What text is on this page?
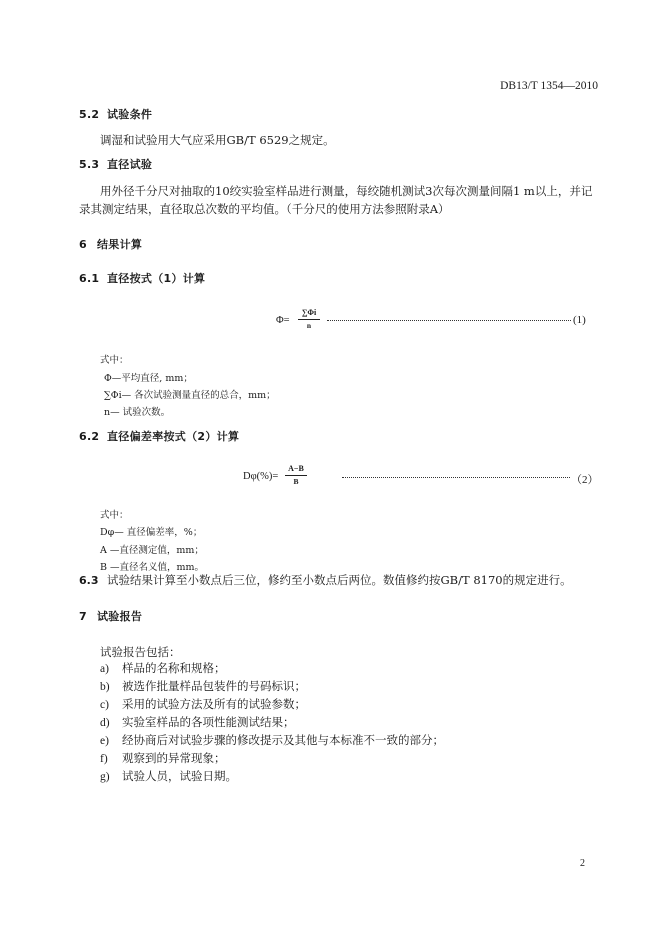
DB13/T 1354—2010
5.2 试验条件
调湿和试验用大气应采用GB/T 6529之规定。
5.3 直径试验
用外径千分尺对抽取的10绞实验室样品进行测量，每绞随机测试3次每次测量间隔1 m以上，并记
录其测定结果，直径取总次数的平均值。（千分尺的使用方法参照附录A）
6 结果计算
6.1 直径按式（1）计算
Φ=
∑Φi
n	(1)
式中：
Φ—平均直径, mm；
∑Φi— 各次试验测量直径的总合，mm；
n— 试验次数。
6.2 直径偏差率按式（2）计算
Dφ(%)=
A−B
B	（2）
式中：
Dφ— 直径偏差率，%；
A —直径测定值，mm；
B —直径名义值，mm。
6.3 试验结果计算至小数点后三位，修约至小数点后两位。数值修约按GB/T 8170的规定进行。
7 试验报告
试验报告包括：
a) 样品的名称和规格；
b) 被选作批量样品包装件的号码标识；
c) 采用的试验方法及所有的试验参数；
d) 实验室样品的各项性能测试结果；
e) 经协商后对试验步骤的修改提示及其他与本标准不一致的部分；
f) 观察到的异常现象；
g) 试验人员，试验日期。
2
